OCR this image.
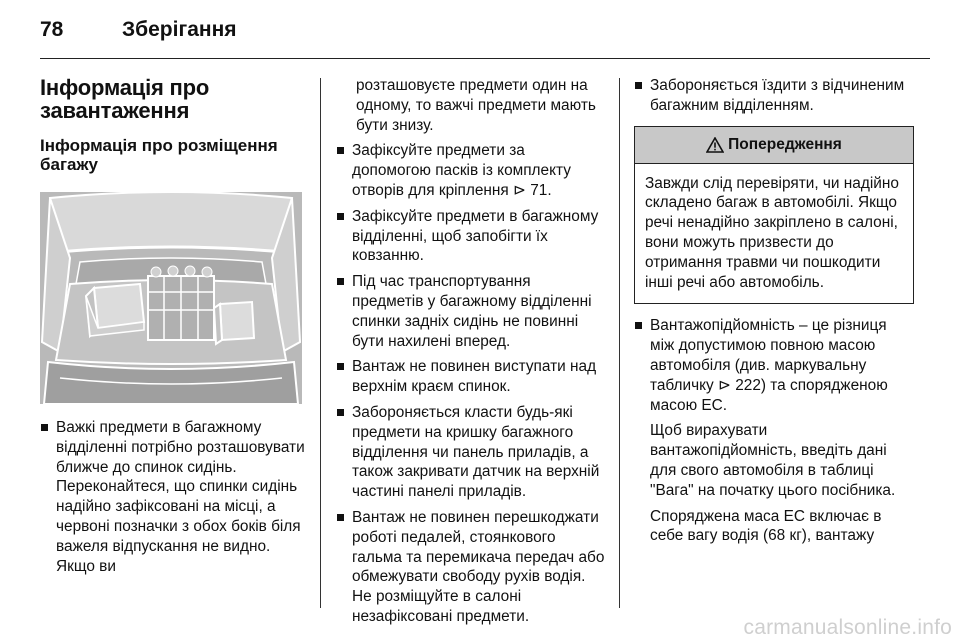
78	Зберігання
Інформація про завантаження
Інформація про розміщення багажу
Важкі предмети в багажному відділенні потрібно розташовувати ближче до спинок сидінь. Переконайтеся, що спинки сидінь надійно зафіксовані на місці, а червоні позначки з обох боків біля важеля відпускання не видно. Якщо ви
розташовуєте предмети один на одному, то важчі предмети мають бути знизу.
Зафіксуйте предмети за допомогою пасків із комплекту отворів для кріплення ⊳ 71.
Зафіксуйте предмети в багажному відділенні, щоб запобігти їх ковзанню.
Під час транспортування предметів у багажному відділенні спинки задніх сидінь не повинні бути нахилені вперед.
Вантаж не повинен виступати над верхнім краєм спинок.
Забороняється класти будь-які предмети на кришку багажного відділення чи панель приладів, а також закривати датчик на верхній частині панелі приладів.
Вантаж не повинен перешкоджати роботі педалей, стоянкового гальма та перемикача передач або обмежувати свободу рухів водія. Не розміщуйте в салоні незафіксовані предмети.
Забороняється їздити з відчиненим багажним відділенням.
Попередження
Завжди слід перевіряти, чи надійно складено багаж в автомобілі. Якщо речі ненадійно закріплено в салоні, вони можуть призвести до отримання травми чи пошкодити інші речі або автомобіль.
Вантажопідйомність – це різниця між допустимою повною масою автомобіля (див. маркувальну табличку ⊳ 222) та спорядженою масою ЕС.
Щоб вирахувати вантажопідйомність, введіть дані для свого автомобіля в таблиці "Вага" на початку цього посібника.
Споряджена маса ЕС включає в себе вагу водія (68 кг), вантажу
carmanualsonline.info
